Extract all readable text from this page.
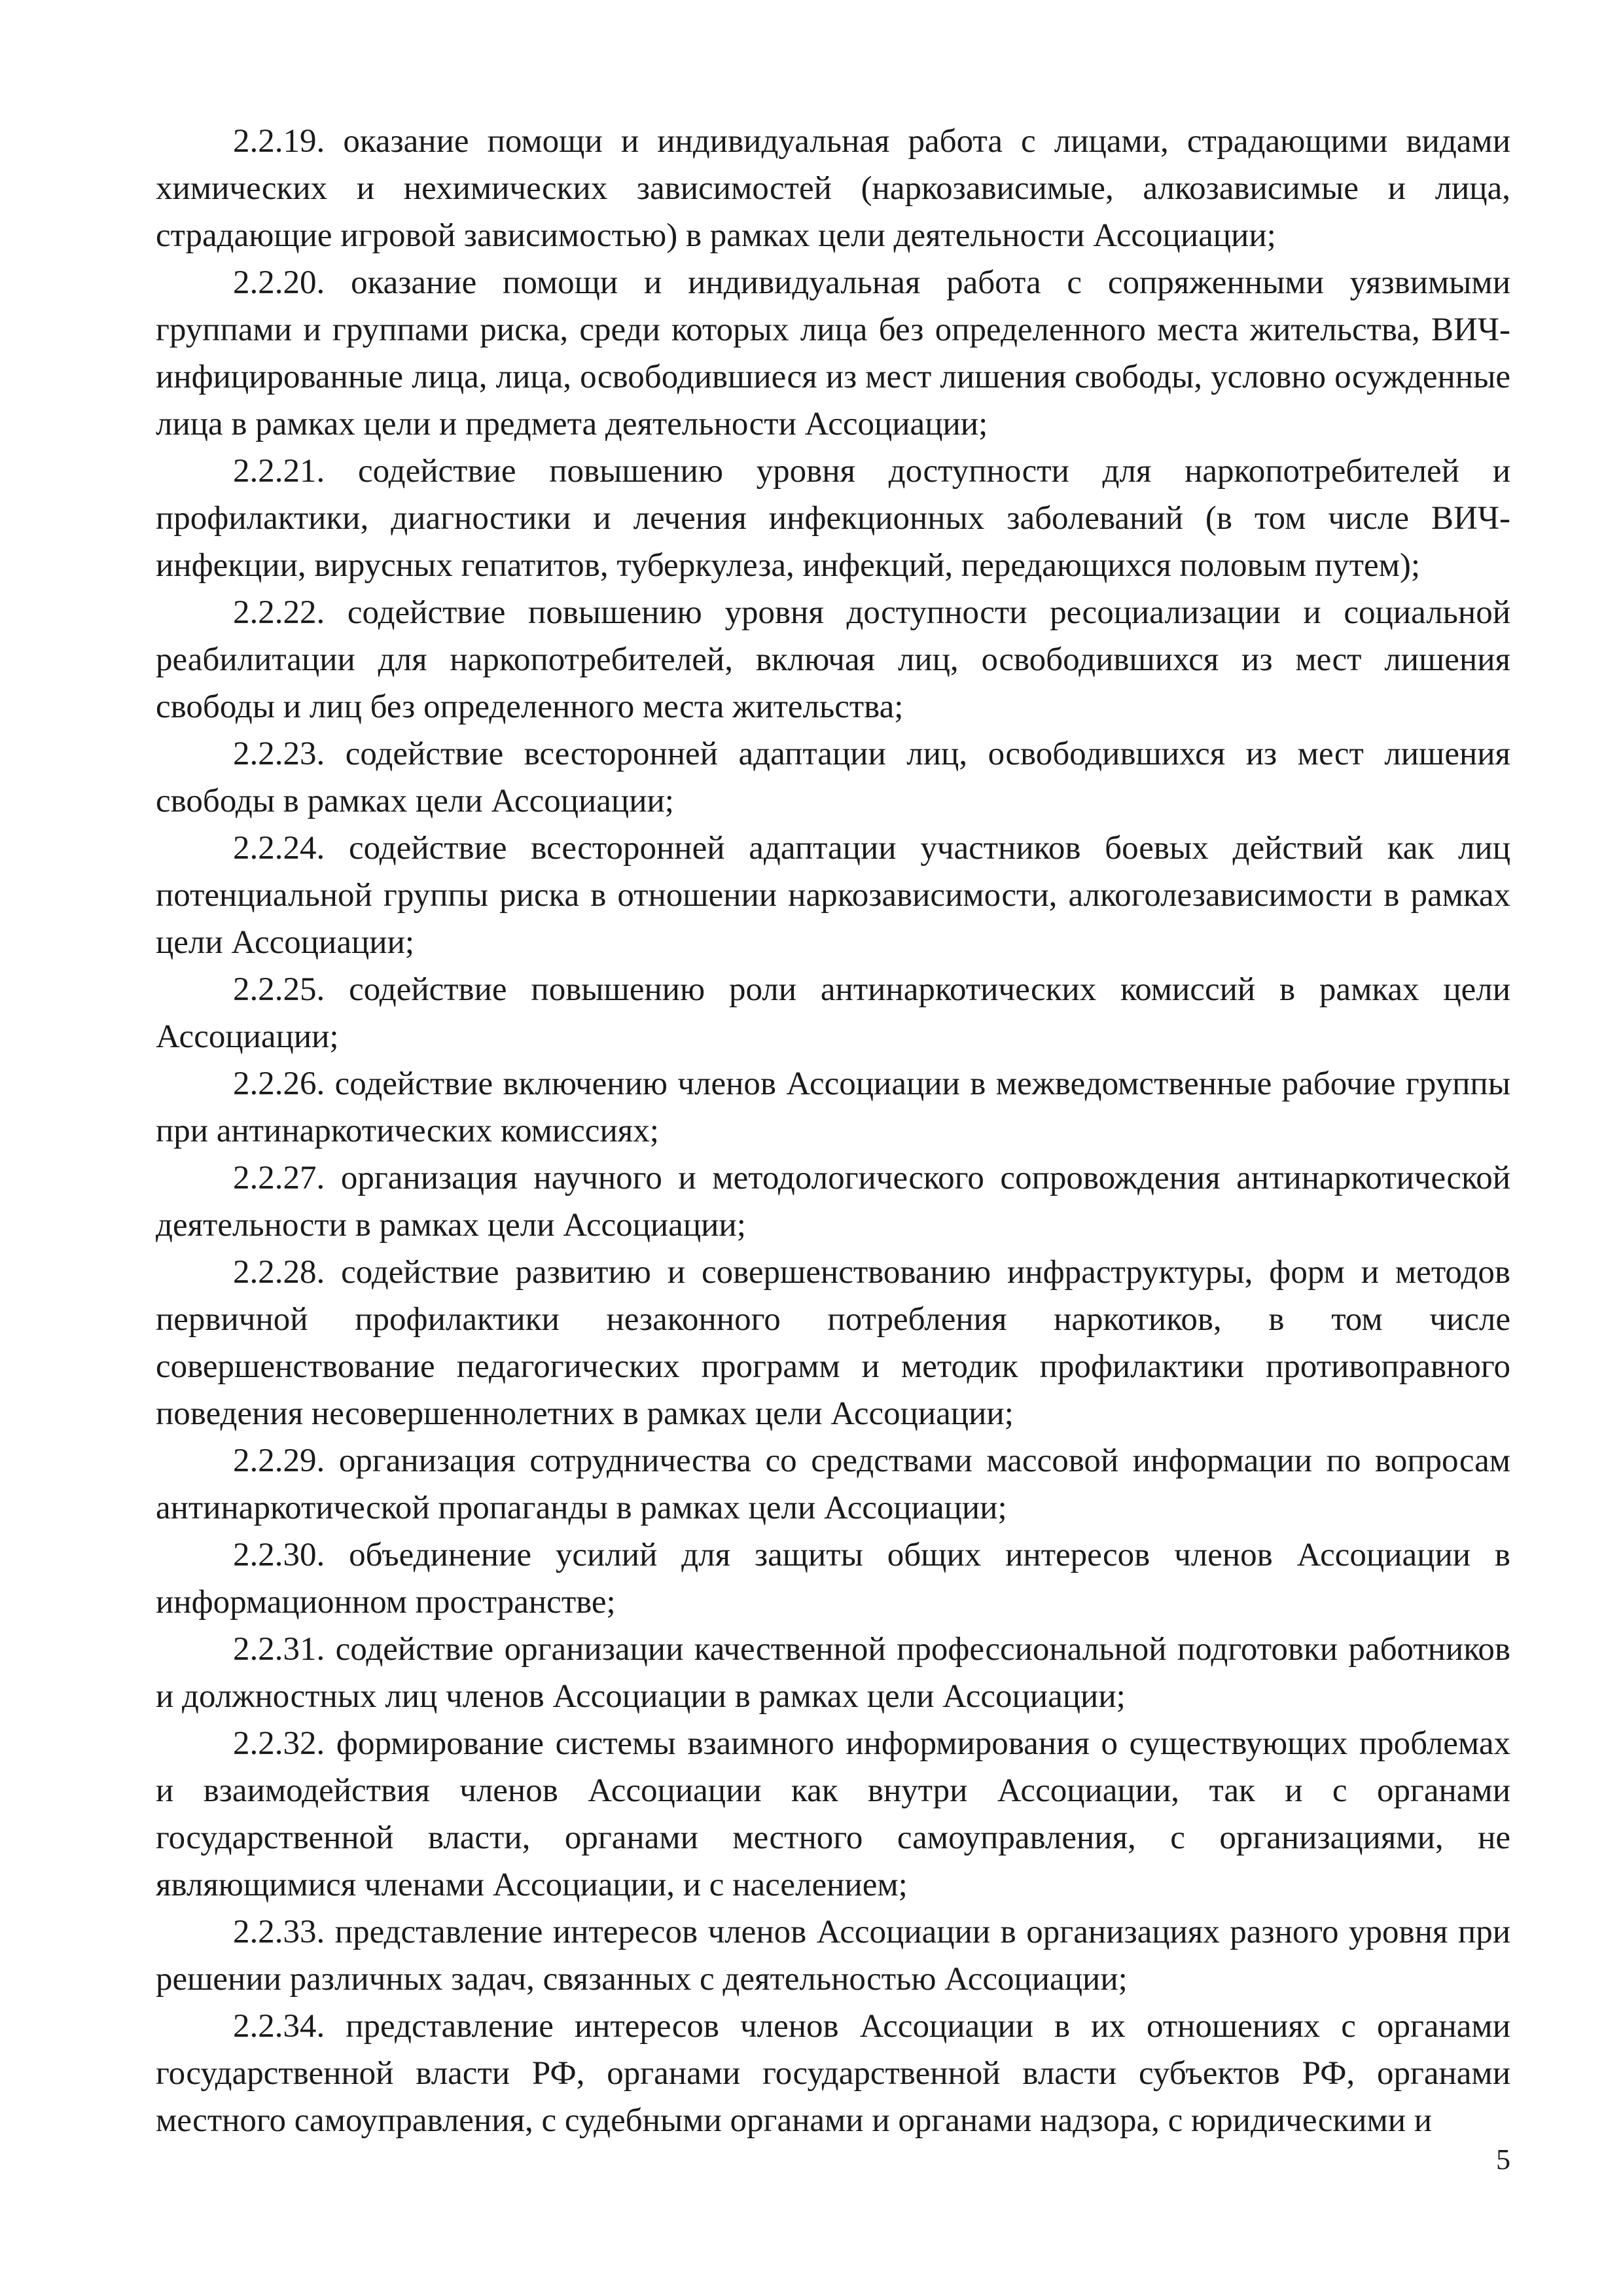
2.2.19. оказание помощи и индивидуальная работа с лицами, страдающими видами химических и нехимических зависимостей (наркозависимые, алкозависимые и лица, страдающие игровой зависимостью) в рамках цели деятельности Ассоциации;

2.2.20. оказание помощи и индивидуальная работа с сопряженными уязвимыми группами и группами риска, среди которых лица без определенного места жительства, ВИЧ-инфицированные лица, лица, освободившиеся из мест лишения свободы, условно осужденные лица в рамках цели и предмета деятельности Ассоциации;

2.2.21. содействие повышению уровня доступности для наркопотребителей и профилактики, диагностики и лечения инфекционных заболеваний (в том числе ВИЧ-инфекции, вирусных гепатитов, туберкулеза, инфекций, передающихся половым путем);

2.2.22. содействие повышению уровня доступности ресоциализации и социальной реабилитации для наркопотребителей, включая лиц, освободившихся из мест лишения свободы и лиц без определенного места жительства;

2.2.23. содействие всесторонней адаптации лиц, освободившихся из мест лишения свободы в рамках цели Ассоциации;

2.2.24. содействие всесторонней адаптации участников боевых действий как лиц потенциальной группы риска в отношении наркозависимости, алкоголезависимости в рамках цели Ассоциации;

2.2.25. содействие повышению роли антинаркотических комиссий в рамках цели Ассоциации;

2.2.26. содействие включению членов Ассоциации в межведомственные рабочие группы при антинаркотических комиссиях;

2.2.27. организация научного и методологического сопровождения антинаркотической деятельности в рамках цели Ассоциации;

2.2.28. содействие развитию и совершенствованию инфраструктуры, форм и методов первичной профилактики незаконного потребления наркотиков, в том числе совершенствование педагогических программ и методик профилактики противоправного поведения несовершеннолетних в рамках цели Ассоциации;

2.2.29. организация сотрудничества со средствами массовой информации по вопросам антинаркотической пропаганды в рамках цели Ассоциации;

2.2.30. объединение усилий для защиты общих интересов членов Ассоциации в информационном пространстве;

2.2.31. содействие организации качественной профессиональной подготовки работников и должностных лиц членов Ассоциации в рамках цели Ассоциации;

2.2.32. формирование системы взаимного информирования о существующих проблемах и взаимодействия членов Ассоциации как внутри Ассоциации, так и с органами государственной власти, органами местного самоуправления, с организациями, не являющимися членами Ассоциации, и с населением;

2.2.33. представление интересов членов Ассоциации в организациях разного уровня при решении различных задач, связанных с деятельностью Ассоциации;

2.2.34. представление интересов членов Ассоциации в их отношениях с органами государственной власти РФ, органами государственной власти субъектов РФ, органами местного самоуправления, с судебными органами и органами надзора, с юридическими и

5
